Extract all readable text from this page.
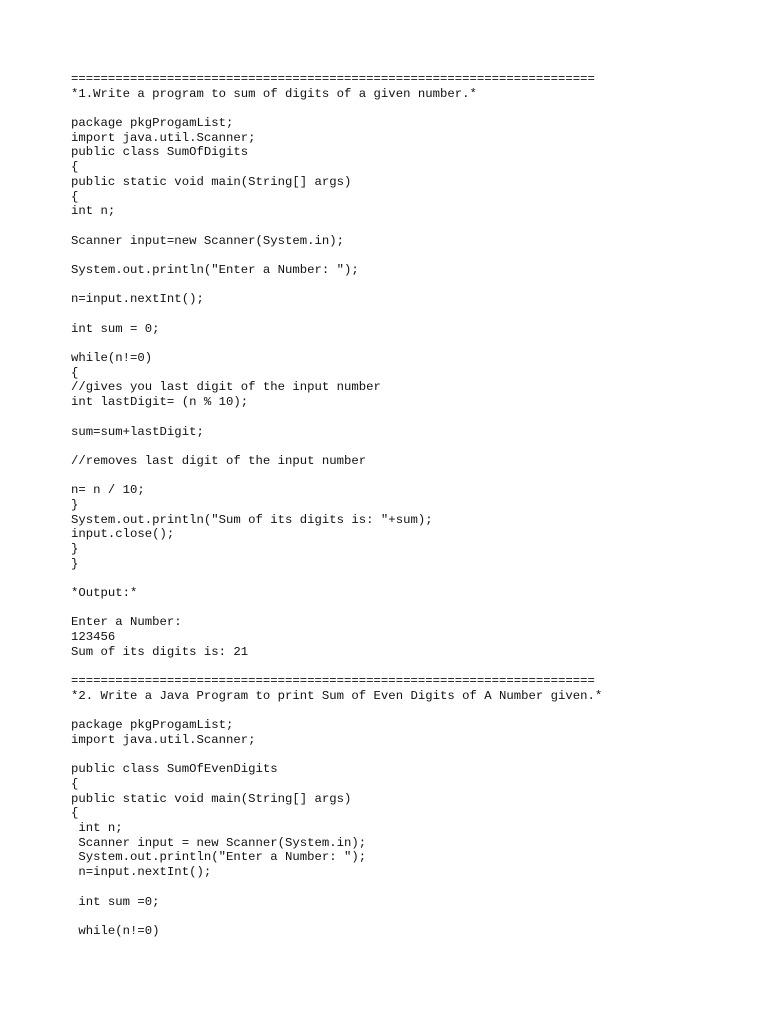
=======================================================================
*1.Write a program to sum of digits of a given number.*
package pkgProgamList;
import java.util.Scanner;
public class SumOfDigits
{
public static void main(String[] args)
{
int n;
Scanner input=new Scanner(System.in);
System.out.println("Enter a Number: ");
n=input.nextInt();
int sum = 0;
while(n!=0)
{
//gives you last digit of the input number
int lastDigit= (n % 10);
sum=sum+lastDigit;
//removes last digit of the input number
n= n / 10;
}
System.out.println("Sum of its digits is: "+sum);
input.close();
}
}
*Output:*
Enter a Number:
123456
Sum of its digits is: 21
=======================================================================
*2. Write a Java Program to print Sum of Even Digits of A Number given.*
package pkgProgamList;
import java.util.Scanner;
public class SumOfEvenDigits
{
public static void main(String[] args)
{
int n;
Scanner input = new Scanner(System.in);
System.out.println("Enter a Number: ");
n=input.nextInt();
int sum =0;
while(n!=0)
